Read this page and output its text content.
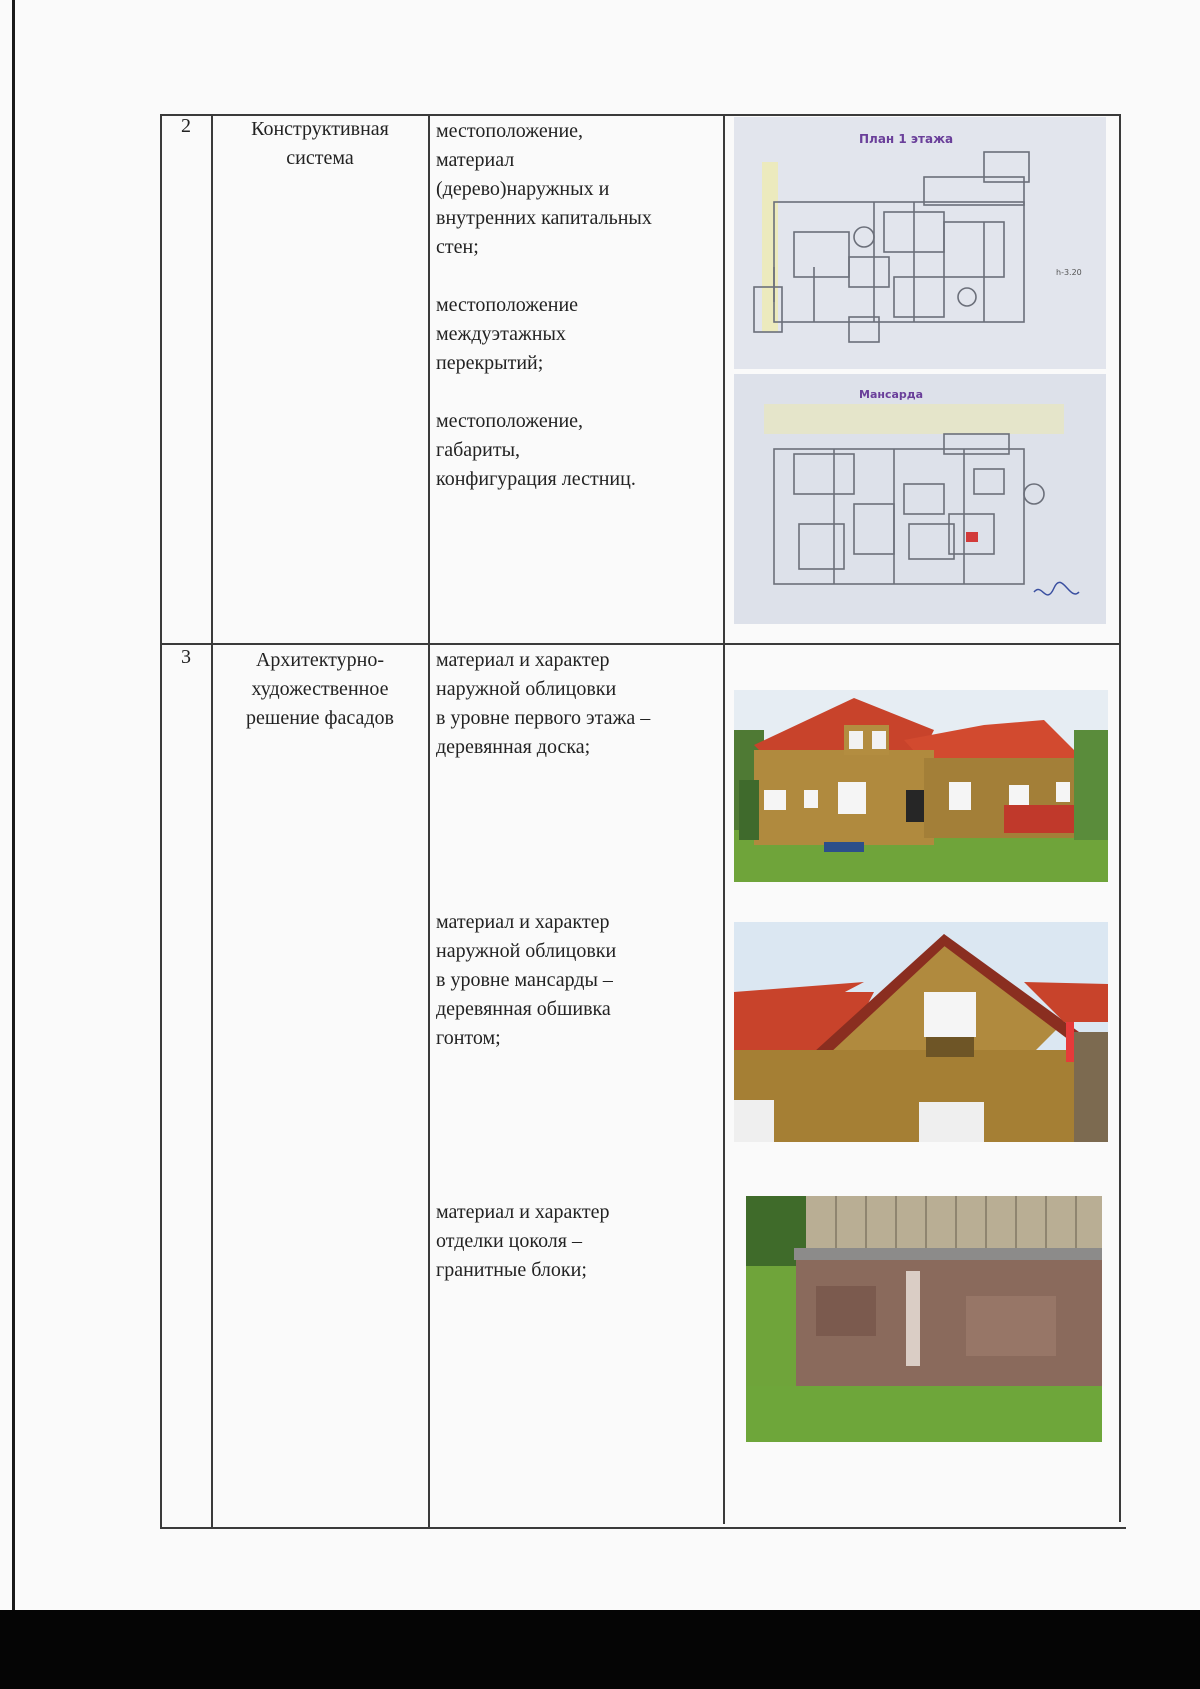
2	Конструктивная
система
местоположение,
материал
(дерево)наружных и
внутренних капитальных
стен;
местоположение
междуэтажных
перекрытий;
местоположение,
габариты,
конфигурация лестниц.
План 1 этажа
h-3.20
Мансарда
3	Архитектурно-
художественное
решение фасадов
материал и характер
наружной облицовки
в уровне первого этажа –
деревянная доска;
материал и характер
наружной облицовки
в уровне мансарды –
деревянная обшивка
гонтом;
материал и характер
отделки цоколя –
гранитные блоки;
